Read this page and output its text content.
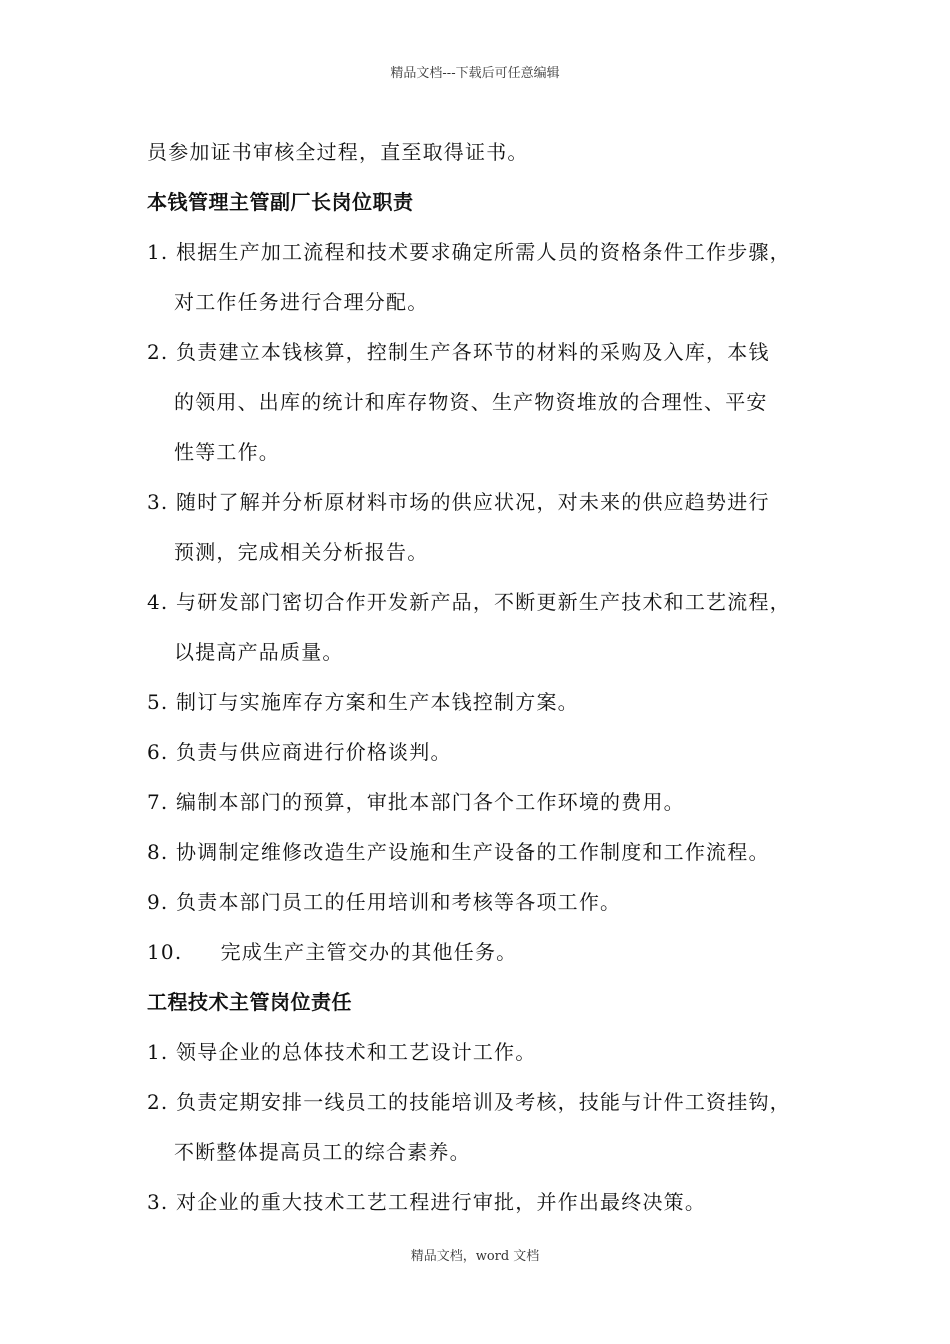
精品文档---下载后可任意编辑
员参加证书审核全过程，直至取得证书。
本钱管理主管副厂长岗位职责
1. 根据生产加工流程和技术要求确定所需人员的资格条件工作步骤，
对工作任务进行合理分配。
2. 负责建立本钱核算，控制生产各环节的材料的采购及入库，本钱
的领用、出库的统计和库存物资、生产物资堆放的合理性、平安
性等工作。
3. 随时了解并分析原材料市场的供应状况，对未来的供应趋势进行
预测，完成相关分析报告。
4. 与研发部门密切合作开发新产品，不断更新生产技术和工艺流程，
以提高产品质量。
5. 制订与实施库存方案和生产本钱控制方案。
6. 负责与供应商进行价格谈判。
7. 编制本部门的预算，审批本部门各个工作环境的费用。
8. 协调制定维修改造生产设施和生产设备的工作制度和工作流程。
9. 负责本部门员工的任用培训和考核等各项工作。
10. 完成生产主管交办的其他任务。
工程技术主管岗位责任
1. 领导企业的总体技术和工艺设计工作。
2. 负责定期安排一线员工的技能培训及考核，技能与计件工资挂钩，
不断整体提高员工的综合素养。
3. 对企业的重大技术工艺工程进行审批，并作出最终决策。
精品文档，word 文档
